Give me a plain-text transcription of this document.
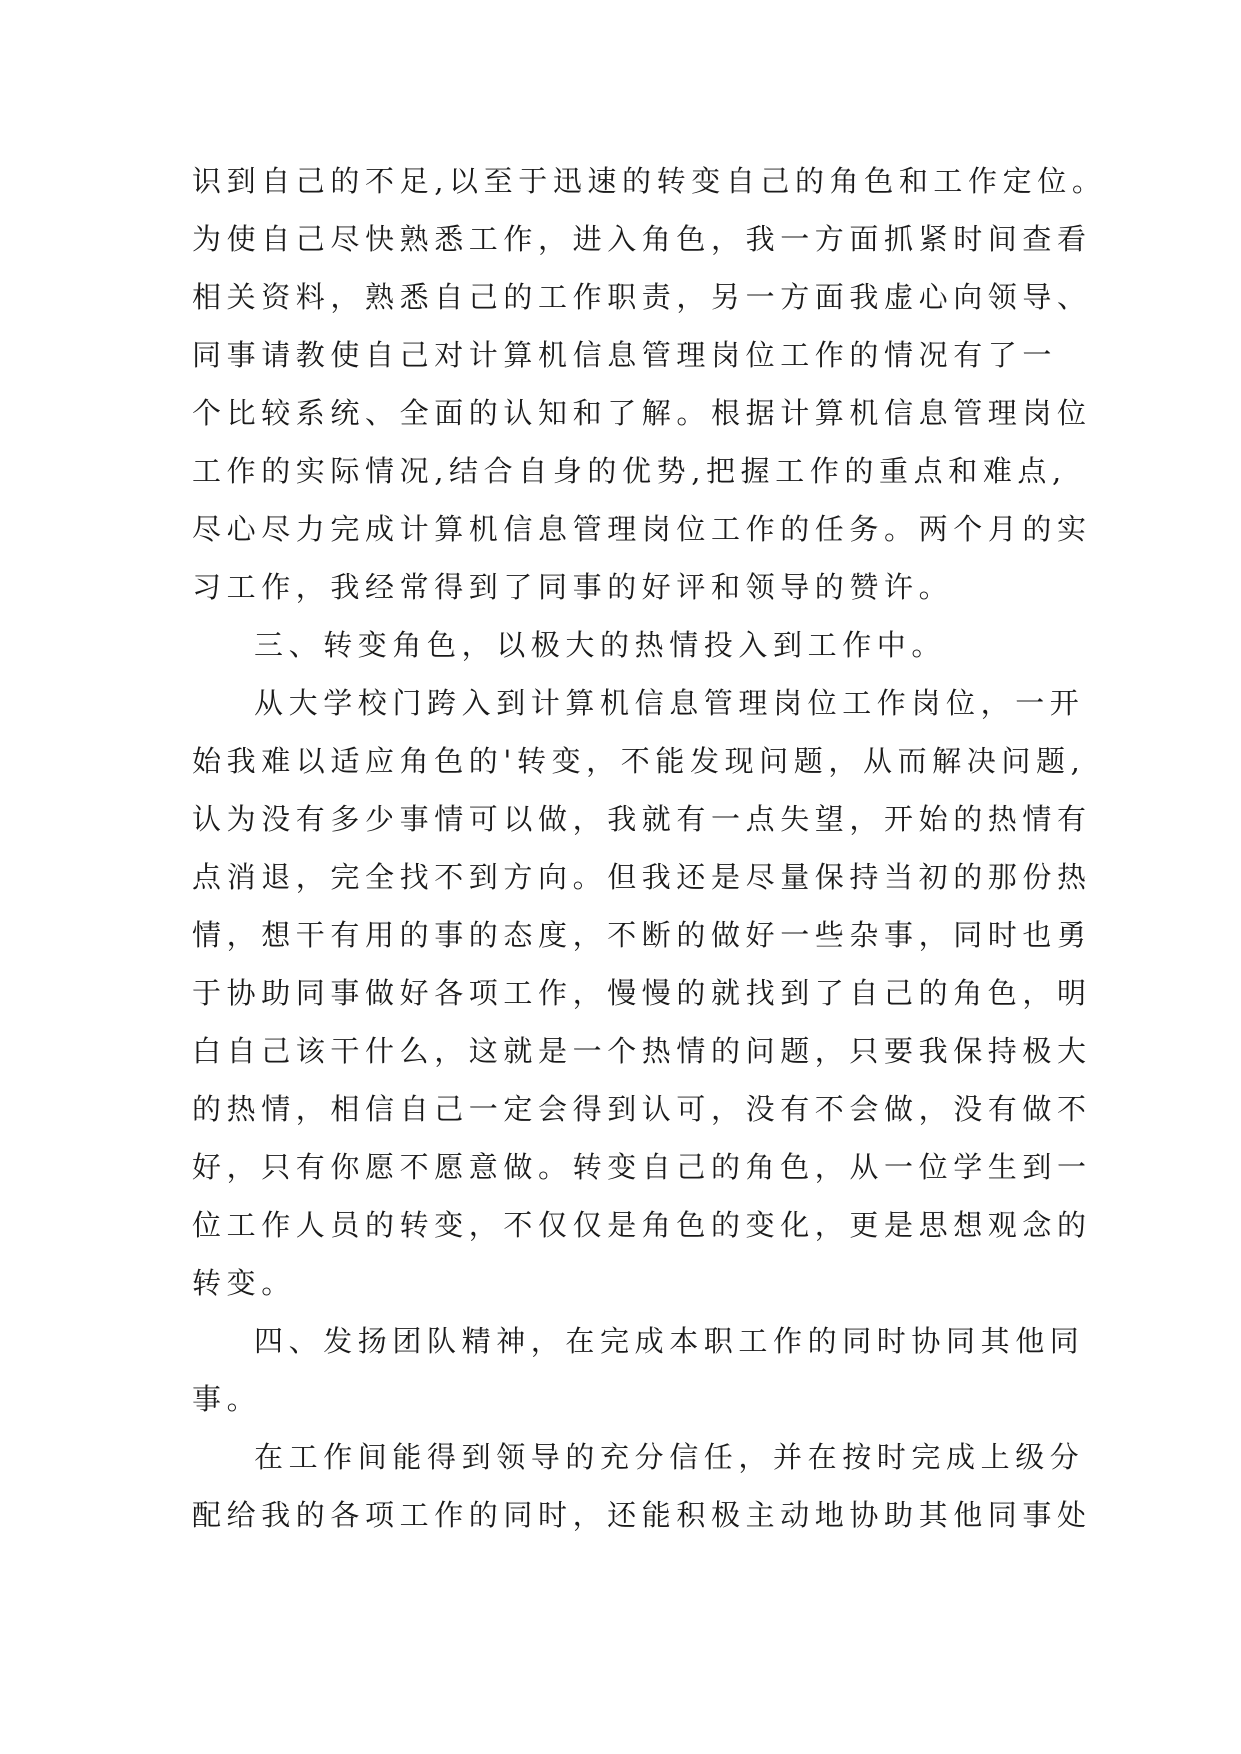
识到自己的不足,以至于迅速的转变自己的角色和工作定位。
为使自己尽快熟悉工作，进入角色，我一方面抓紧时间查看
相关资料，熟悉自己的工作职责，另一方面我虚心向领导、
同事请教使自己对计算机信息管理岗位工作的情况有了一
个比较系统、全面的认知和了解。根据计算机信息管理岗位
工作的实际情况,结合自身的优势,把握工作的重点和难点,
尽心尽力完成计算机信息管理岗位工作的任务。两个月的实
习工作，我经常得到了同事的好评和领导的赞许。
三、转变角色，以极大的热情投入到工作中。
从大学校门跨入到计算机信息管理岗位工作岗位，一开
始我难以适应角色的'转变，不能发现问题，从而解决问题,
认为没有多少事情可以做，我就有一点失望，开始的热情有
点消退，完全找不到方向。但我还是尽量保持当初的那份热
情，想干有用的事的态度，不断的做好一些杂事，同时也勇
于协助同事做好各项工作，慢慢的就找到了自己的角色，明
白自己该干什么，这就是一个热情的问题，只要我保持极大
的热情，相信自己一定会得到认可，没有不会做，没有做不
好，只有你愿不愿意做。转变自己的角色，从一位学生到一
位工作人员的转变，不仅仅是角色的变化，更是思想观念的
转变。
四、发扬团队精神，在完成本职工作的同时协同其他同
事。
在工作间能得到领导的充分信任，并在按时完成上级分
配给我的各项工作的同时，还能积极主动地协助其他同事处
